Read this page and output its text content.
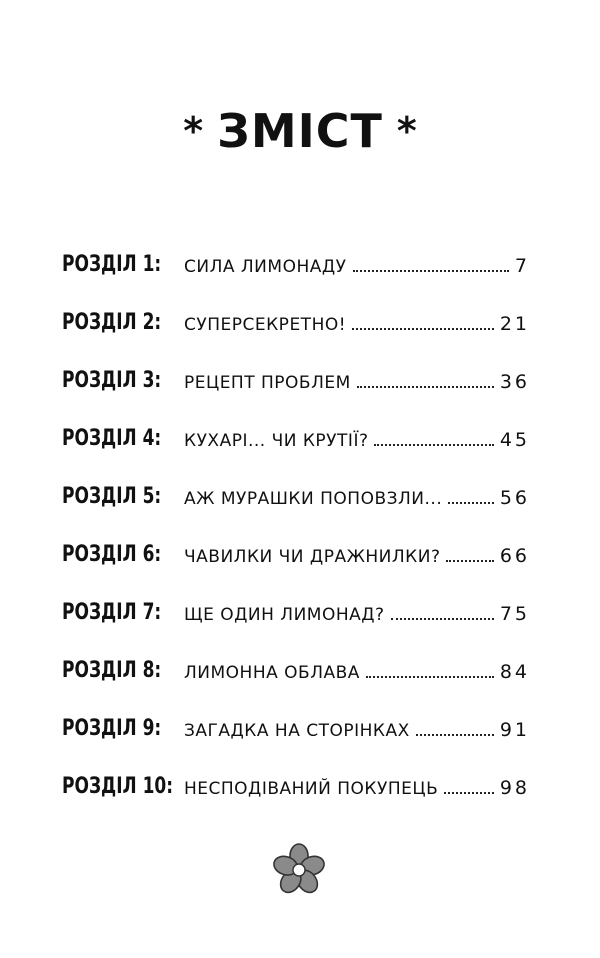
* ЗМІСТ *
РОЗДІЛ 1:	СИЛА ЛИМОНАДУ	7
РОЗДІЛ 2:	СУПЕРСЕКРЕТНО!	21
РОЗДІЛ 3:	РЕЦЕПТ ПРОБЛЕМ	36
РОЗДІЛ 4:	КУХАРІ... ЧИ КРУТІЇ?	45
РОЗДІЛ 5:	АЖ МУРАШКИ ПОПОВЗЛИ...	56
РОЗДІЛ 6:	ЧАВИЛКИ ЧИ ДРАЖНИЛКИ?	66
РОЗДІЛ 7:	ЩЕ ОДИН ЛИМОНАД?	75
РОЗДІЛ 8:	ЛИМОННА ОБЛАВА	84
РОЗДІЛ 9:	ЗАГАДКА НА СТОРІНКАХ	91
РОЗДІЛ 10: НЕСПОДІВАНИЙ ПОКУПЕЦЬ	98
